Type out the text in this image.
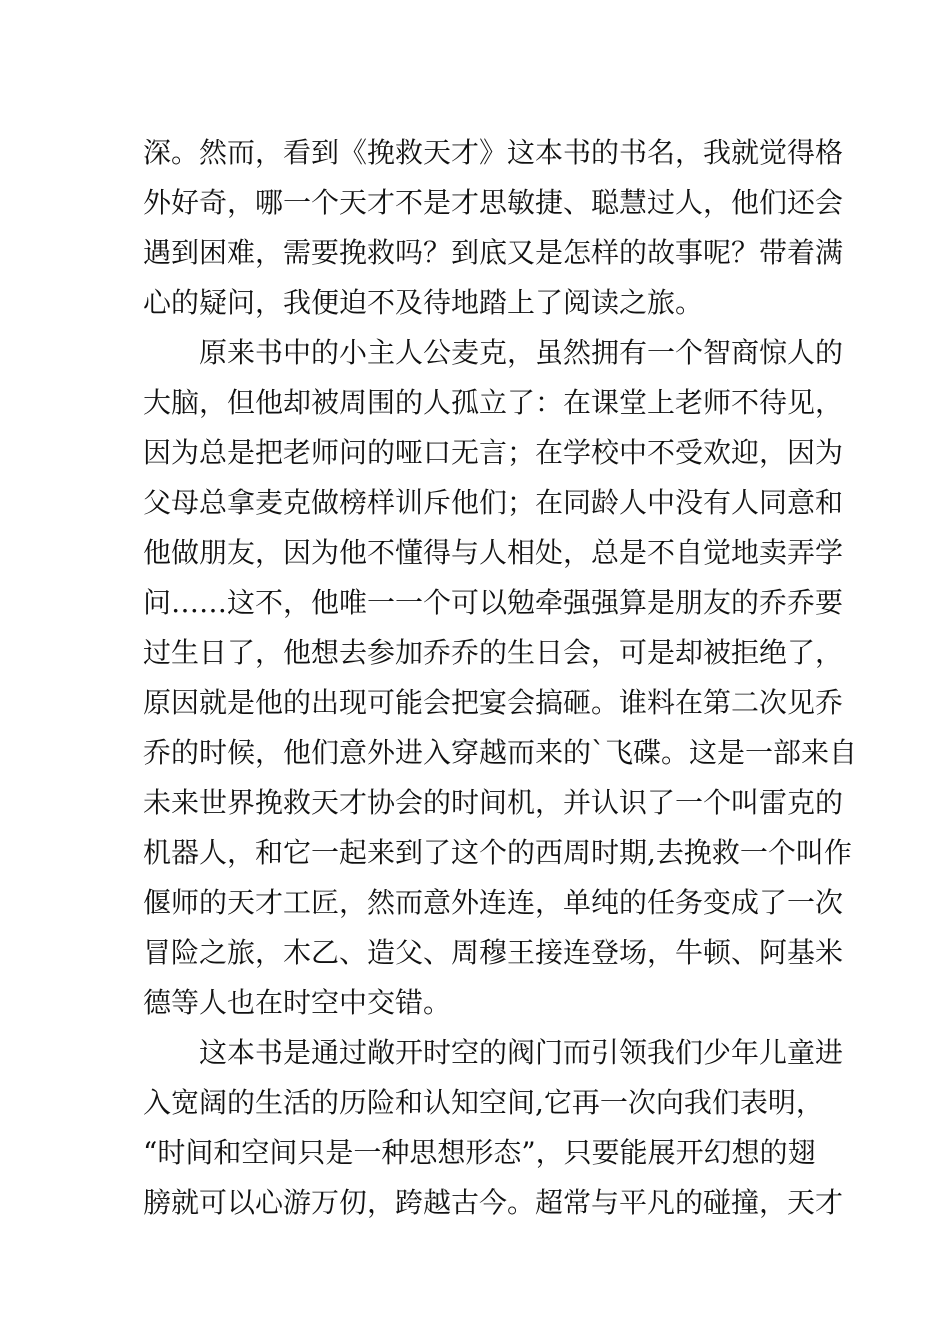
深。然而，看到《挽救天才》这本书的书名，我就觉得格
外好奇，哪一个天才不是才思敏捷、聪慧过人，他们还会
遇到困难，需要挽救吗？到底又是怎样的故事呢？带着满
心的疑问，我便迫不及待地踏上了阅读之旅。
原来书中的小主人公麦克，虽然拥有一个智商惊人的
大脑，但他却被周围的人孤立了：在课堂上老师不待见，
因为总是把老师问的哑口无言；在学校中不受欢迎，因为
父母总拿麦克做榜样训斥他们；在同龄人中没有人同意和
他做朋友，因为他不懂得与人相处，总是不自觉地卖弄学
问……这不，他唯一一个可以勉牵强强算是朋友的乔乔要
过生日了，他想去参加乔乔的生日会，可是却被拒绝了，
原因就是他的出现可能会把宴会搞砸。谁料在第二次见乔
乔的时候，他们意外进入穿越而来的`飞碟。这是一部来自
未来世界挽救天才协会的时间机，并认识了一个叫雷克的
机器人，和它一起来到了这个的西周时期,去挽救一个叫作
偃师的天才工匠，然而意外连连，单纯的任务变成了一次
冒险之旅，木乙、造父、周穆王接连登场，牛顿、阿基米
德等人也在时空中交错。
这本书是通过敞开时空的阀门而引领我们少年儿童进
入宽阔的生活的历险和认知空间,它再一次向我们表明，
“时间和空间只是一种思想形态”，只要能展开幻想的翅
膀就可以心游万仞，跨越古今。超常与平凡的碰撞，天才
